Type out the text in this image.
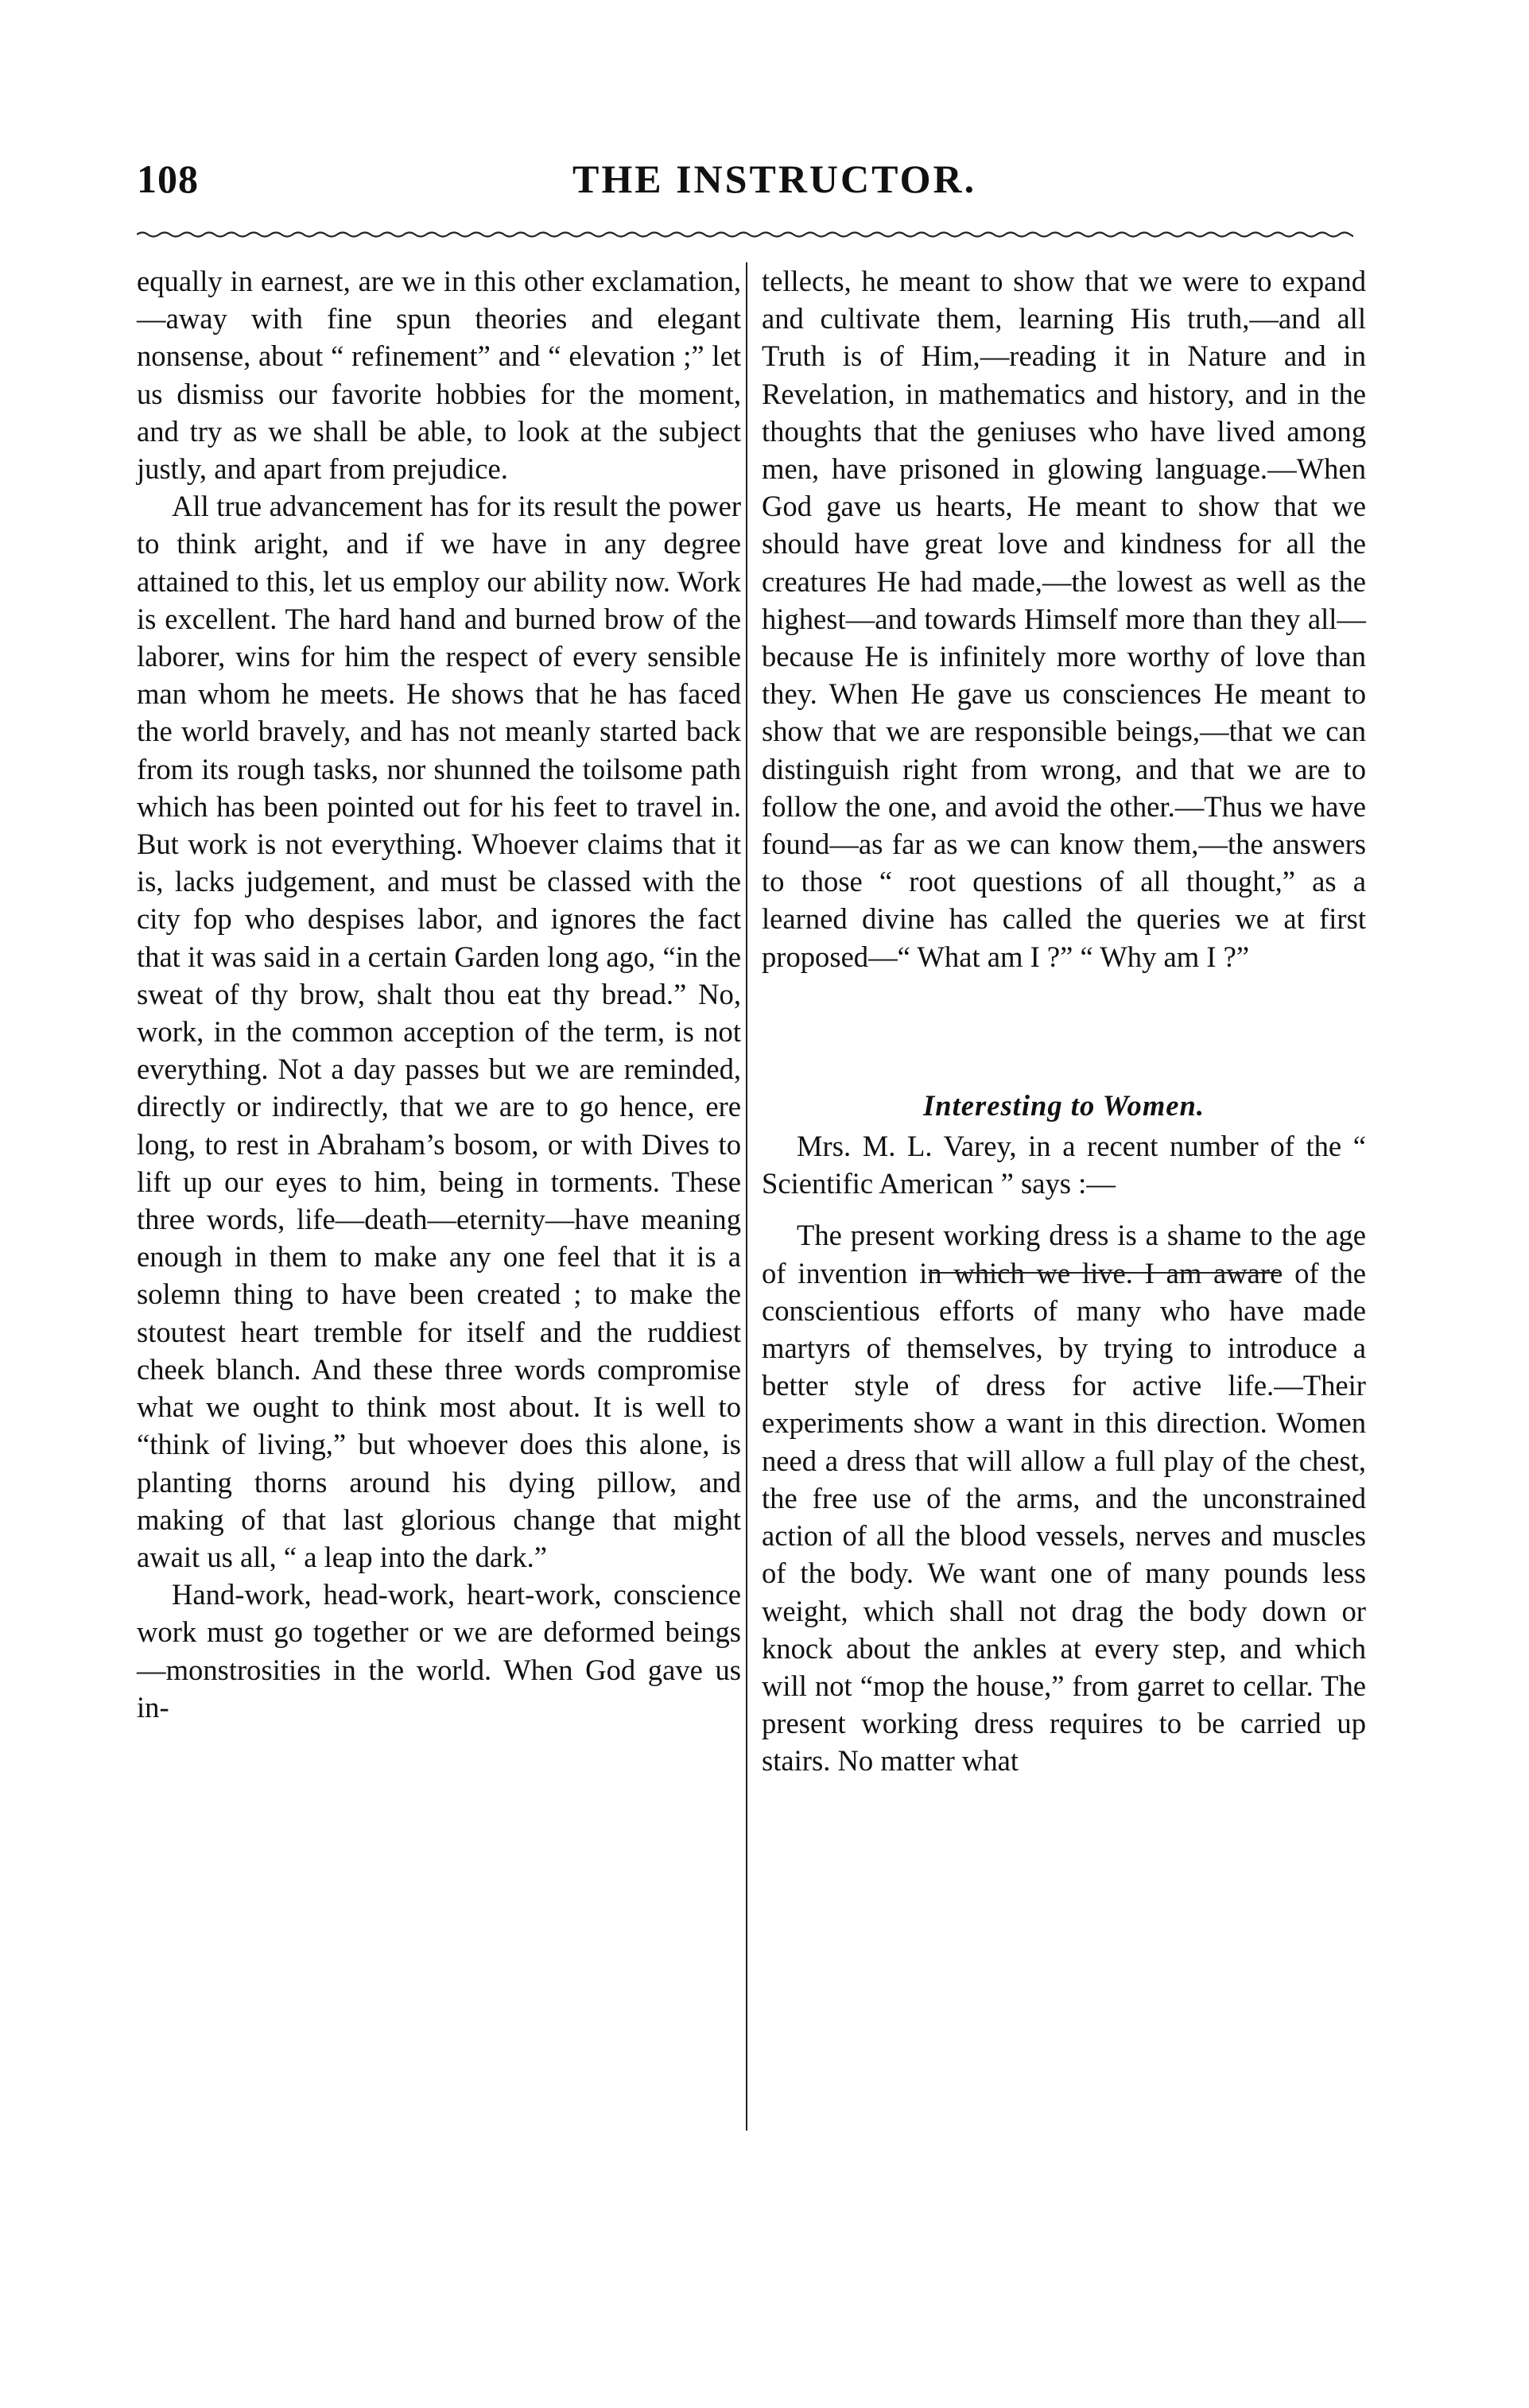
108	THE INSTRUCTOR.

equally in earnest, are we in this other exclamation,—away with fine spun theories and elegant nonsense, about “ refinement” and “ elevation ;” let us dismiss our favorite hobbies for the moment, and try as we shall be able, to look at the subject justly, and apart from prejudice.

All true advancement has for its result the power to think aright, and if we have in any degree attained to this, let us employ our ability now. Work is excellent. The hard hand and burned brow of the laborer, wins for him the respect of every sensible man whom he meets. He shows that he has faced the world bravely, and has not meanly started back from its rough tasks, nor shunned the toilsome path which has been pointed out for his feet to travel in. But work is not everything. Whoever claims that it is, lacks judgement, and must be classed with the city fop who despises labor, and ignores the fact that it was said in a certain Garden long ago, “in the sweat of thy brow, shalt thou eat thy bread.” No, work, in the common acception of the term, is not everything. Not a day passes but we are reminded, directly or indirectly, that we are to go hence, ere long, to rest in Abraham’s bosom, or with Dives to lift up our eyes to him, being in torments. These three words, life—death—eternity—have meaning enough in them to make any one feel that it is a solemn thing to have been created ; to make the stoutest heart tremble for itself and the ruddiest cheek blanch. And these three words compromise what we ought to think most about. It is well to “think of living,” but whoever does this alone, is planting thorns around his dying pillow, and making of that last glorious change that might await us all, “ a leap into the dark.”

Hand-work, head-work, heart-work, conscience work must go together or we are deformed beings—monstrosities in the world. When God gave us in-

tellects, he meant to show that we were to expand and cultivate them, learning His truth,—and all Truth is of Him,—reading it in Nature and in Revelation, in mathematics and history, and in the thoughts that the geniuses who have lived among men, have prisoned in glowing language.—When God gave us hearts, He meant to show that we should have great love and kindness for all the creatures He had made,—the lowest as well as the highest—and towards Himself more than they all—because He is infinitely more worthy of love than they. When He gave us consciences He meant to show that we are responsible beings,—that we can distinguish right from wrong, and that we are to follow the one, and avoid the other.—Thus we have found—as far as we can know them,—the answers to those “ root questions of all thought,” as a learned divine has called the queries we at first proposed—“ What am I ?” “ Why am I ?”

Interesting to Women.

Mrs. M. L. Varey, in a recent number of the “ Scientific American ” says :—

The present working dress is a shame to the age of invention in which we live. I am aware of the conscientious efforts of many who have made martyrs of themselves, by trying to introduce a better style of dress for active life.—Their experiments show a want in this direction. Women need a dress that will allow a full play of the chest, the free use of the arms, and the unconstrained action of all the blood vessels, nerves and muscles of the body. We want one of many pounds less weight, which shall not drag the body down or knock about the ankles at every step, and which will not “mop the house,” from garret to cellar. The present working dress requires to be carried up stairs. No matter what
